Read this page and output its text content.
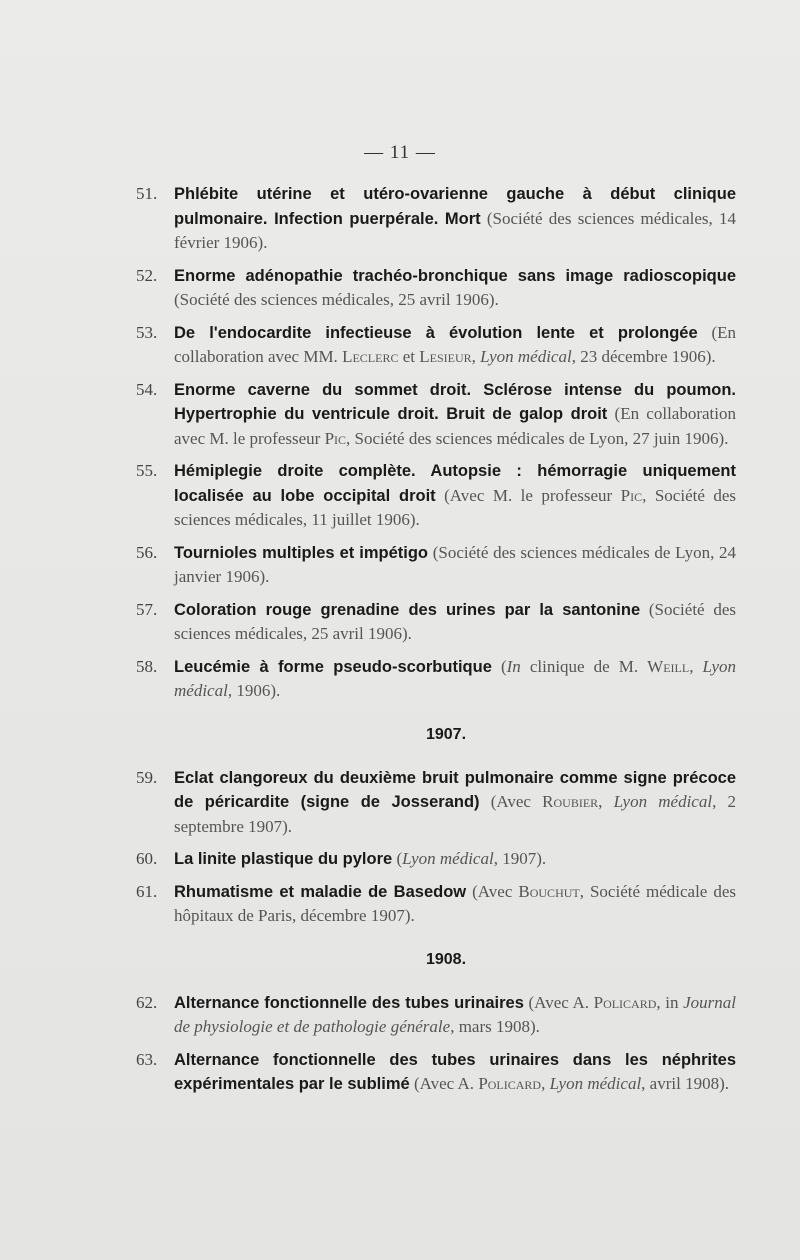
— 11 —
51.	Phlébite utérine et utéro-ovarienne gauche à début clinique pulmonaire. Infection puerpérale. Mort (Société des sciences médicales, 14 février 1906).
52.	Enorme adénopathie trachéo-bronchique sans image radioscopique (Société des sciences médicales, 25 avril 1906).
53.	De l'endocardite infectieuse à évolution lente et prolongée (En collaboration avec MM. Leclerc et Lesieur, Lyon médical, 23 décembre 1906).
54.	Enorme caverne du sommet droit. Sclérose intense du poumon. Hypertrophie du ventricule droit. Bruit de galop droit (En collaboration avec M. le professeur Pic, Société des sciences médicales de Lyon, 27 juin 1906).
55.	Hémiplegie droite complète. Autopsie : hémorragie uniquement localisée au lobe occipital droit (Avec M. le professeur Pic, Société des sciences médicales, 11 juillet 1906).
56.	Tournioles multiples et impétigo (Société des sciences médicales de Lyon, 24 janvier 1906).
57.	Coloration rouge grenadine des urines par la santonine (Société des sciences médicales, 25 avril 1906).
58.	Leucémie à forme pseudo-scorbutique (In clinique de M. Weill, Lyon médical, 1906).
1907.
59.	Eclat clangoreux du deuxième bruit pulmonaire comme signe précoce de péricardite (signe de Josserand) (Avec Roubier, Lyon médical, 2 septembre 1907).
60.	La linite plastique du pylore (Lyon médical, 1907).
61.	Rhumatisme et maladie de Basedow (Avec Bouchut, Société médicale des hôpitaux de Paris, décembre 1907).
1908.
62.	Alternance fonctionnelle des tubes urinaires (Avec A. Policard, in Journal de physiologie et de pathologie générale, mars 1908).
63.	Alternance fonctionnelle des tubes urinaires dans les néphrites expérimentales par le sublimé (Avec A. Policard, Lyon médical, avril 1908).
